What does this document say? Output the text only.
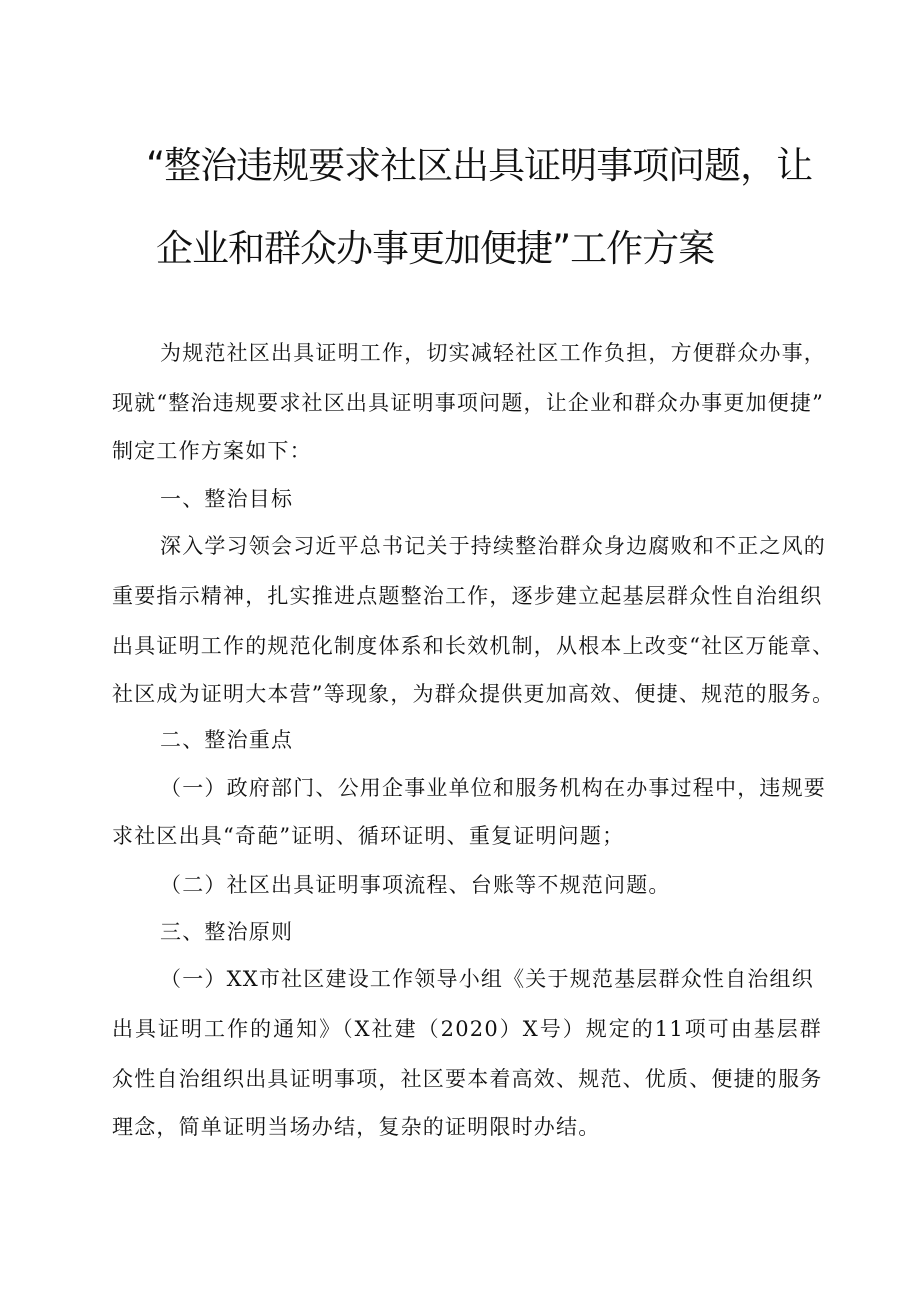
“整治违规要求社区出具证明事项问题，让
企业和群众办事更加便捷”工作方案
为规范社区出具证明工作，切实减轻社区工作负担，方便群众办事，
现就“整治违规要求社区出具证明事项问题，让企业和群众办事更加便捷”
制定工作方案如下：
一、整治目标
深入学习领会习近平总书记关于持续整治群众身边腐败和不正之风的
重要指示精神，扎实推进点题整治工作，逐步建立起基层群众性自治组织
出具证明工作的规范化制度体系和长效机制，从根本上改变“社区万能章、
社区成为证明大本营”等现象，为群众提供更加高效、便捷、规范的服务。
二、整治重点
（一）政府部门、公用企事业单位和服务机构在办事过程中，违规要
求社区出具“奇葩”证明、循环证明、重复证明问题；
（二）社区出具证明事项流程、台账等不规范问题。
三、整治原则
（一）XX市社区建设工作领导小组《关于规范基层群众性自治组织
出具证明工作的通知》（X社建（2020）X号）规定的11项可由基层群
众性自治组织出具证明事项，社区要本着高效、规范、优质、便捷的服务
理念，简单证明当场办结，复杂的证明限时办结。
